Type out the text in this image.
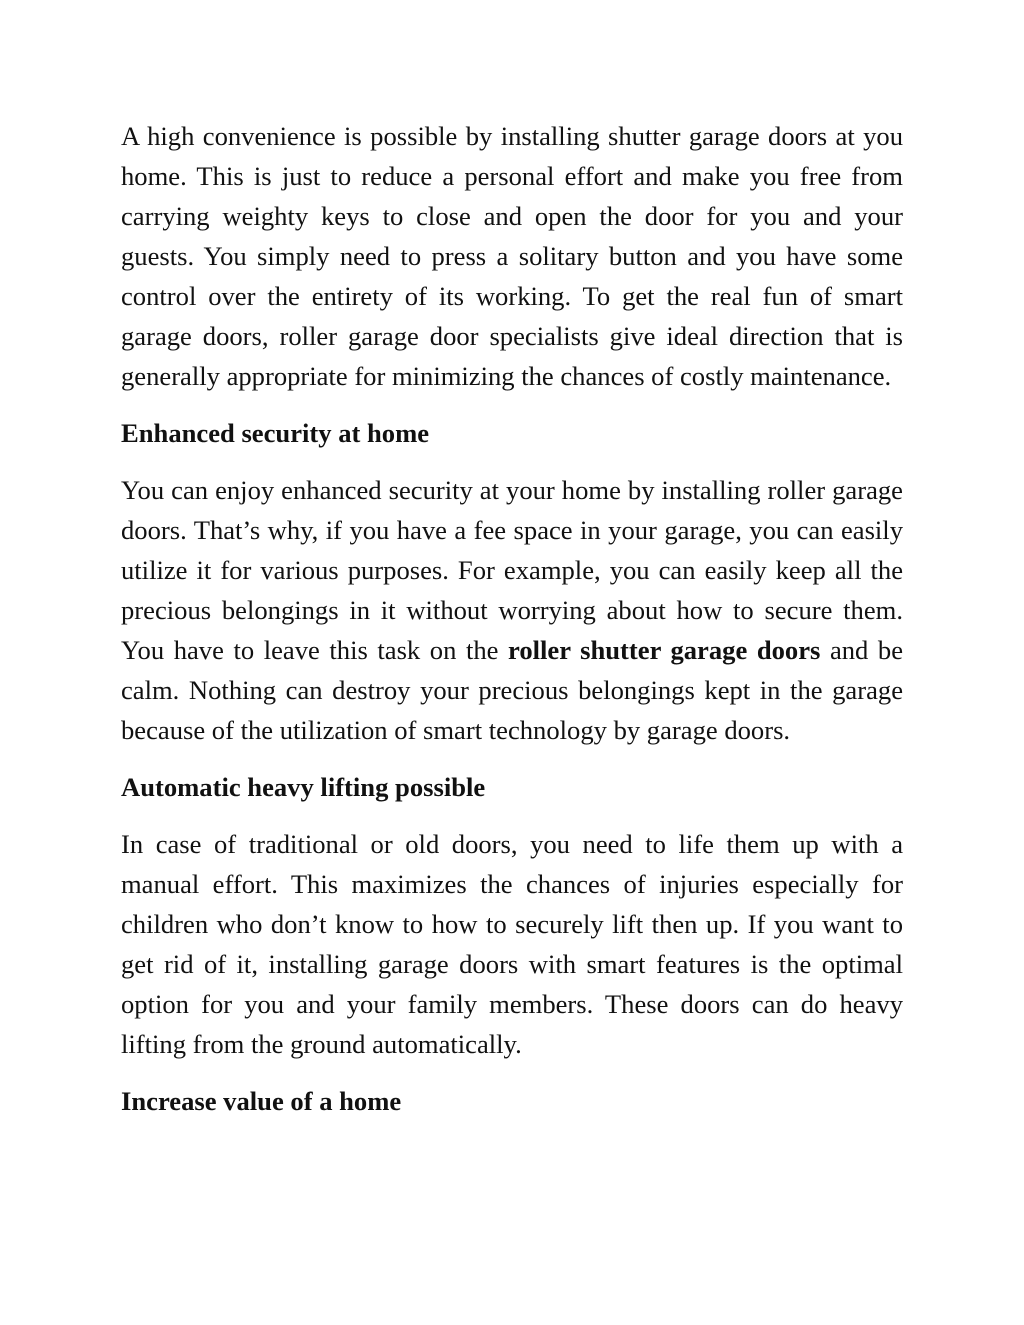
A high convenience is possible by installing shutter garage doors at you home. This is just to reduce a personal effort and make you free from carrying weighty keys to close and open the door for you and your guests. You simply need to press a solitary button and you have some control over the entirety of its working. To get the real fun of smart garage doors, roller garage door specialists give ideal direction that is generally appropriate for minimizing the chances of costly maintenance.

Enhanced security at home

You can enjoy enhanced security at your home by installing roller garage doors. That’s why, if you have a fee space in your garage, you can easily utilize it for various purposes. For example, you can easily keep all the precious belongings in it without worrying about how to secure them. You have to leave this task on the roller shutter garage doors and be calm. Nothing can destroy your precious belongings kept in the garage because of the utilization of smart technology by garage doors.

Automatic heavy lifting possible

In case of traditional or old doors, you need to life them up with a manual effort. This maximizes the chances of injuries especially for children who don’t know to how to securely lift then up. If you want to get rid of it, installing garage doors with smart features is the optimal option for you and your family members. These doors can do heavy lifting from the ground automatically.

Increase value of a home
